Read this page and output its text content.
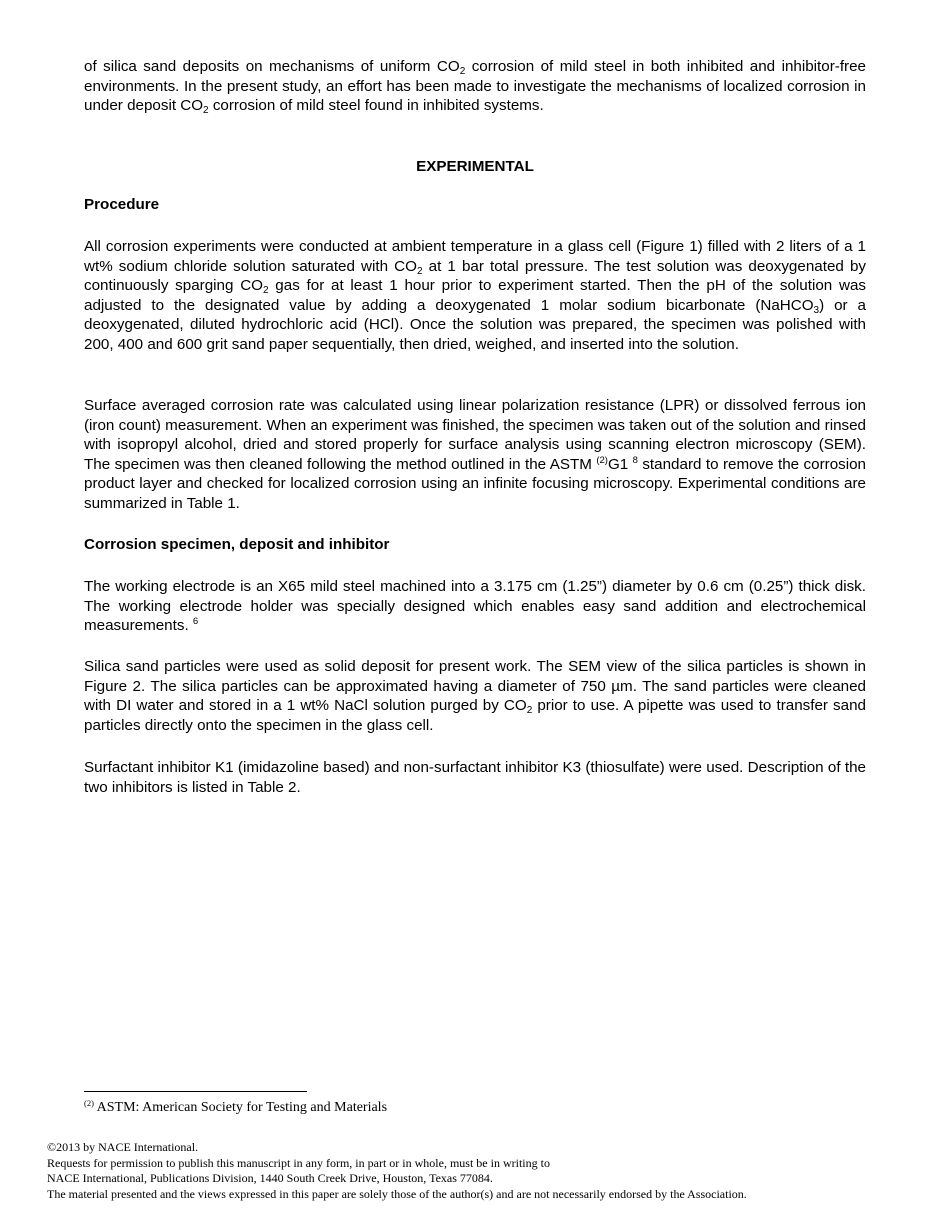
of silica sand deposits on mechanisms of uniform $CO_2$ corrosion of mild steel in both inhibited and inhibitor-free environments. In the present study, an effort has been made to investigate the mechanisms of localized corrosion in under deposit $CO_2$ corrosion of mild steel found in inhibited systems.

EXPERIMENTAL

Procedure

All corrosion experiments were conducted at ambient temperature in a glass cell (Figure 1) filled with 2 liters of a 1 wt% sodium chloride solution saturated with $CO_2$ at 1 bar total pressure. The test solution was deoxygenated by continuously sparging $CO_2$ gas for at least 1 hour prior to experiment started. Then the pH of the solution was adjusted to the designated value by adding a deoxygenated 1 molar sodium bicarbonate (NaHCO$_3$) or a deoxygenated, diluted hydrochloric acid (HCl). Once the solution was prepared, the specimen was polished with 200, 400 and 600 grit sand paper sequentially, then dried, weighed, and inserted into the solution.

Surface averaged corrosion rate was calculated using linear polarization resistance (LPR) or dissolved ferrous ion (iron count) measurement. When an experiment was finished, the specimen was taken out of the solution and rinsed with isopropyl alcohol, dried and stored properly for surface analysis using scanning electron microscopy (SEM). The specimen was then cleaned following the method outlined in the ASTM $^{(2)}$G1 $^8$ standard to remove the corrosion product layer and checked for localized corrosion using an infinite focusing microscopy. Experimental conditions are summarized in Table 1.

Corrosion specimen, deposit and inhibitor

The working electrode is an X65 mild steel machined into a 3.175 cm (1.25”) diameter by 0.6 cm (0.25”) thick disk. The working electrode holder was specially designed which enables easy sand addition and electrochemical measurements. $^6$

Silica sand particles were used as solid deposit for present work. The SEM view of the silica particles is shown in Figure 2. The silica particles can be approximated having a diameter of 750 µm. The sand particles were cleaned with DI water and stored in a 1 wt% NaCl solution purged by $CO_2$ prior to use. A pipette was used to transfer sand particles directly onto the specimen in the glass cell.

Surfactant inhibitor K1 (imidazoline based) and non-surfactant inhibitor K3 (thiosulfate) were used. Description of the two inhibitors is listed in Table 2.

$^{(2)}$ ASTM: American Society for Testing and Materials

©2013 by NACE International.
Requests for permission to publish this manuscript in any form, in part or in whole, must be in writing to
NACE International, Publications Division, 1440 South Creek Drive, Houston, Texas 77084.
The material presented and the views expressed in this paper are solely those of the author(s) and are not necessarily endorsed by the Association.
